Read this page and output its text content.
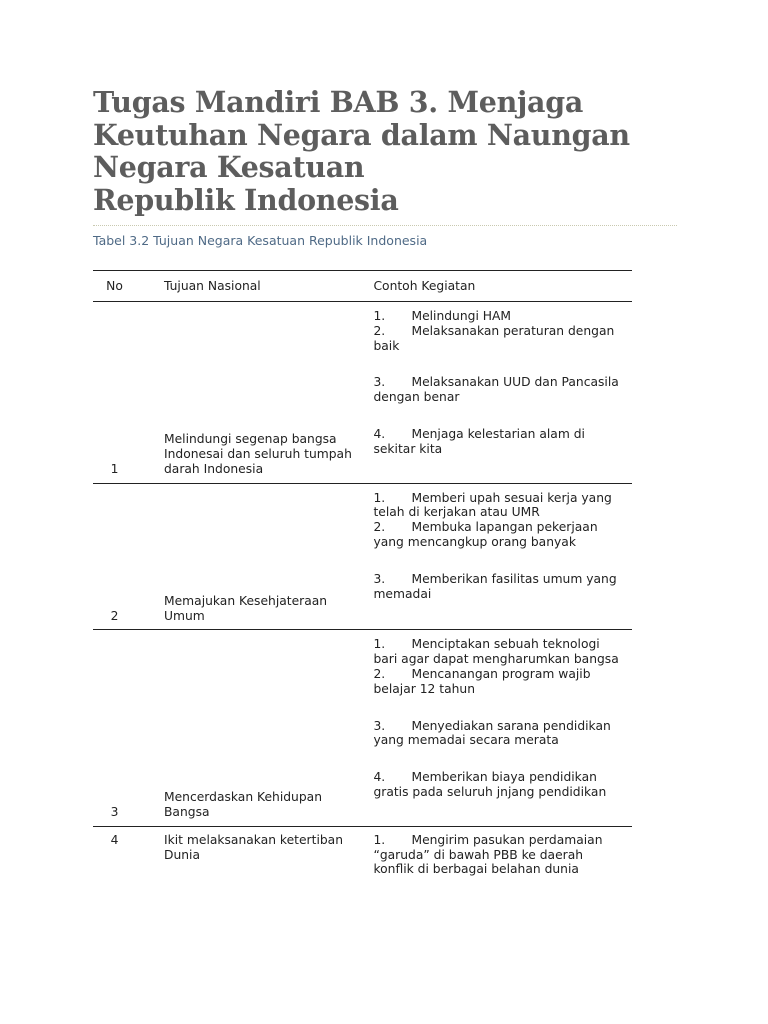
Tugas Mandiri BAB 3. Menjaga
Keutuhan Negara dalam Naungan
Negara Kesatuan
Republik Indonesia
Tabel 3.2 Tujuan Negara Kesatuan Republik Indonesia
No	Tujuan Nasional	Contoh Kegiatan
1	Melindungi segenap bangsa Indonesai dan seluruh tumpah darah Indonesia	1. Melindungi HAM
2. Melaksanakan peraturan dengan baik
3. Melaksanakan UUD dan Pancasila dengan benar
4. Menjaga kelestarian alam di sekitar kita

2	Memajukan Kesehjateraan Umum	1. Memberi upah sesuai kerja yang telah di kerjakan atau UMR
2. Membuka lapangan pekerjaan yang mencangkup orang banyak
3. Memberikan fasilitas umum yang memadai

3	Mencerdaskan Kehidupan Bangsa	1. Menciptakan sebuah teknologi bari agar dapat mengharumkan bangsa
2. Mencanangan program wajib belajar 12 tahun
3. Menyediakan sarana pendidikan yang memadai secara merata
4. Memberikan biaya pendidikan gratis pada seluruh jnjang pendidikan

4	Ikit melaksanakan ketertiban Dunia	1. Mengirim pasukan perdamaian “garuda” di bawah PBB ke daerah konflik di berbagai belahan dunia
